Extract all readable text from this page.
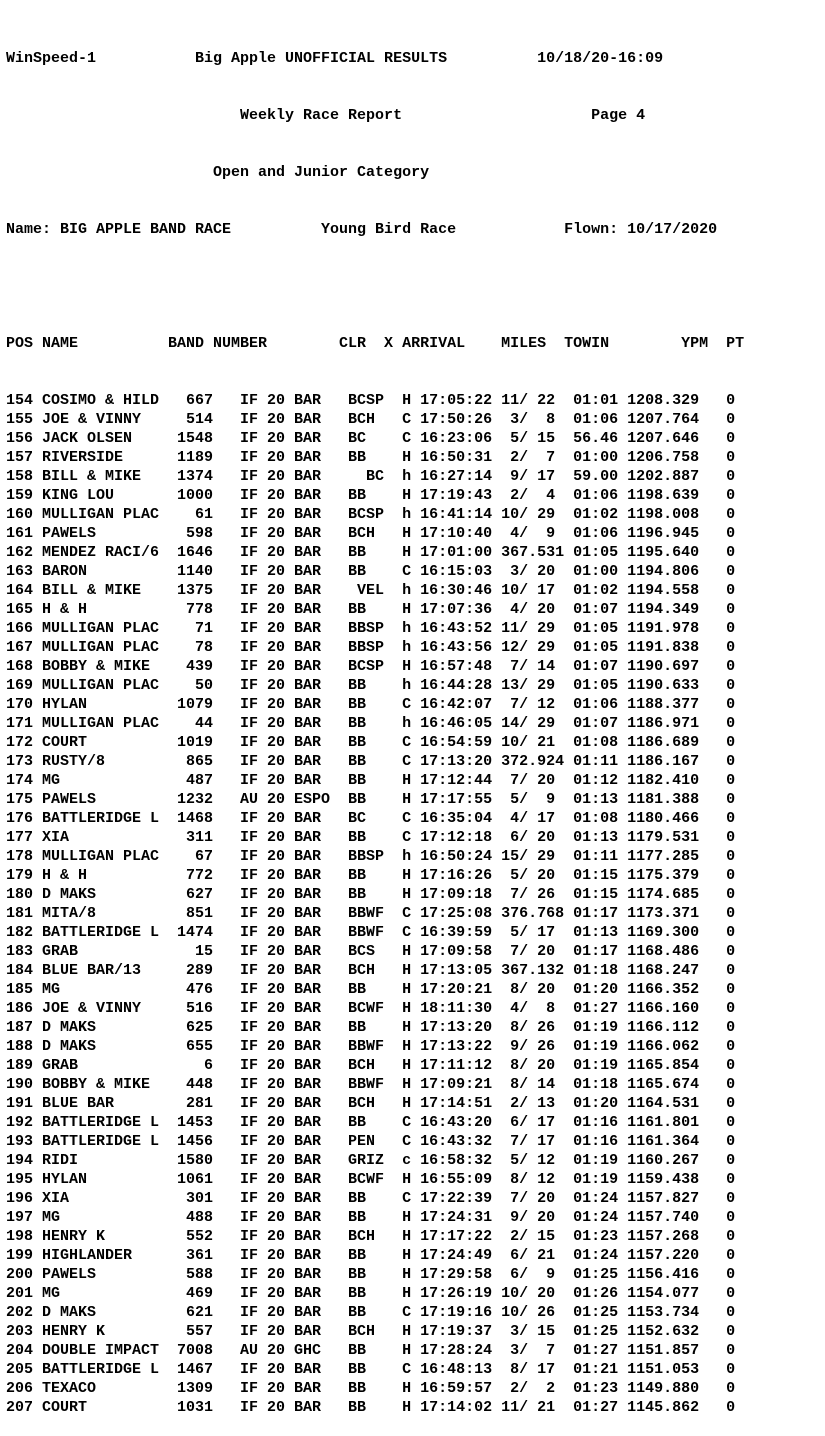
WinSpeed-1           Big Apple UNOFFICIAL RESULTS          10/18/20-16:09

Weekly Race Report                     Page 4

Open and Junior Category

Name: BIG APPLE BAND RACE          Young Bird Race            Flown: 10/17/2020

POS NAME          BAND NUMBER        CLR  X ARRIVAL    MILES  TOWIN        YPM  PT

154 COSIMO & HILD   667   IF 20 BAR   BCSP  H 17:05:22 11/ 22  01:01 1208.329   0
155 JOE & VINNY     514   IF 20 BAR   BCH   C 17:50:26  3/  8  01:06 1207.764   0
156 JACK OLSEN     1548   IF 20 BAR   BC    C 16:23:06  5/ 15  56.46 1207.646   0
157 RIVERSIDE      1189   IF 20 BAR   BB    H 16:50:31  2/  7  01:00 1206.758   0
158 BILL & MIKE    1374   IF 20 BAR     BC  h 16:27:14  9/ 17  59.00 1202.887   0
159 KING LOU       1000   IF 20 BAR   BB    H 17:19:43  2/  4  01:06 1198.639   0
160 MULLIGAN PLAC    61   IF 20 BAR   BCSP  h 16:41:14 10/ 29  01:02 1198.008   0
161 PAWELS          598   IF 20 BAR   BCH   H 17:10:40  4/  9  01:06 1196.945   0
162 MENDEZ RACI/6  1646   IF 20 BAR   BB    H 17:01:00 367.531 01:05 1195.640   0
163 BARON          1140   IF 20 BAR   BB    C 16:15:03  3/ 20  01:00 1194.806   0
164 BILL & MIKE    1375   IF 20 BAR    VEL  h 16:30:46 10/ 17  01:02 1194.558   0
165 H & H           778   IF 20 BAR   BB    H 17:07:36  4/ 20  01:07 1194.349   0
166 MULLIGAN PLAC    71   IF 20 BAR   BBSP  h 16:43:52 11/ 29  01:05 1191.978   0
167 MULLIGAN PLAC    78   IF 20 BAR   BBSP  h 16:43:56 12/ 29  01:05 1191.838   0
168 BOBBY & MIKE    439   IF 20 BAR   BCSP  H 16:57:48  7/ 14  01:07 1190.697   0
169 MULLIGAN PLAC    50   IF 20 BAR   BB    h 16:44:28 13/ 29  01:05 1190.633   0
170 HYLAN          1079   IF 20 BAR   BB    C 16:42:07  7/ 12  01:06 1188.377   0
171 MULLIGAN PLAC    44   IF 20 BAR   BB    h 16:46:05 14/ 29  01:07 1186.971   0
172 COURT          1019   IF 20 BAR   BB    C 16:54:59 10/ 21  01:08 1186.689   0
173 RUSTY/8         865   IF 20 BAR   BB    C 17:13:20 372.924 01:11 1186.167   0
174 MG              487   IF 20 BAR   BB    H 17:12:44  7/ 20  01:12 1182.410   0
175 PAWELS         1232   AU 20 ESPO  BB    H 17:17:55  5/  9  01:13 1181.388   0
176 BATTLERIDGE L  1468   IF 20 BAR   BC    C 16:35:04  4/ 17  01:08 1180.466   0
177 XIA             311   IF 20 BAR   BB    C 17:12:18  6/ 20  01:13 1179.531   0
178 MULLIGAN PLAC    67   IF 20 BAR   BBSP  h 16:50:24 15/ 29  01:11 1177.285   0
179 H & H           772   IF 20 BAR   BB    H 17:16:26  5/ 20  01:15 1175.379   0
180 D MAKS          627   IF 20 BAR   BB    H 17:09:18  7/ 26  01:15 1174.685   0
181 MITA/8          851   IF 20 BAR   BBWF  C 17:25:08 376.768 01:17 1173.371   0
182 BATTLERIDGE L  1474   IF 20 BAR   BBWF  C 16:39:59  5/ 17  01:13 1169.300   0
183 GRAB             15   IF 20 BAR   BCS   H 17:09:58  7/ 20  01:17 1168.486   0
184 BLUE BAR/13     289   IF 20 BAR   BCH   H 17:13:05 367.132 01:18 1168.247   0
185 MG              476   IF 20 BAR   BB    H 17:20:21  8/ 20  01:20 1166.352   0
186 JOE & VINNY     516   IF 20 BAR   BCWF  H 18:11:30  4/  8  01:27 1166.160   0
187 D MAKS          625   IF 20 BAR   BB    H 17:13:20  8/ 26  01:19 1166.112   0
188 D MAKS          655   IF 20 BAR   BBWF  H 17:13:22  9/ 26  01:19 1166.062   0
189 GRAB              6   IF 20 BAR   BCH   H 17:11:12  8/ 20  01:19 1165.854   0
190 BOBBY & MIKE    448   IF 20 BAR   BBWF  H 17:09:21  8/ 14  01:18 1165.674   0
191 BLUE BAR        281   IF 20 BAR   BCH   H 17:14:51  2/ 13  01:20 1164.531   0
192 BATTLERIDGE L  1453   IF 20 BAR   BB    C 16:43:20  6/ 17  01:16 1161.801   0
193 BATTLERIDGE L  1456   IF 20 BAR   PEN   C 16:43:32  7/ 17  01:16 1161.364   0
194 RIDI           1580   IF 20 BAR   GRIZ  c 16:58:32  5/ 12  01:19 1160.267   0
195 HYLAN          1061   IF 20 BAR   BCWF  H 16:55:09  8/ 12  01:19 1159.438   0
196 XIA             301   IF 20 BAR   BB    C 17:22:39  7/ 20  01:24 1157.827   0
197 MG              488   IF 20 BAR   BB    H 17:24:31  9/ 20  01:24 1157.740   0
198 HENRY K         552   IF 20 BAR   BCH   H 17:17:22  2/ 15  01:23 1157.268   0
199 HIGHLANDER      361   IF 20 BAR   BB    H 17:24:49  6/ 21  01:24 1157.220   0
200 PAWELS          588   IF 20 BAR   BB    H 17:29:58  6/  9  01:25 1156.416   0
201 MG              469   IF 20 BAR   BB    H 17:26:19 10/ 20  01:26 1154.077   0
202 D MAKS          621   IF 20 BAR   BB    C 17:19:16 10/ 26  01:25 1153.734   0
203 HENRY K         557   IF 20 BAR   BCH   H 17:19:37  3/ 15  01:25 1152.632   0
204 DOUBLE IMPACT  7008   AU 20 GHC   BB    H 17:28:24  3/  7  01:27 1151.857   0
205 BATTLERIDGE L  1467   IF 20 BAR   BB    C 16:48:13  8/ 17  01:21 1151.053   0
206 TEXACO         1309   IF 20 BAR   BB    H 16:59:57  2/  2  01:23 1149.880   0
207 COURT          1031   IF 20 BAR   BB    H 17:14:02 11/ 21  01:27 1145.862   0
